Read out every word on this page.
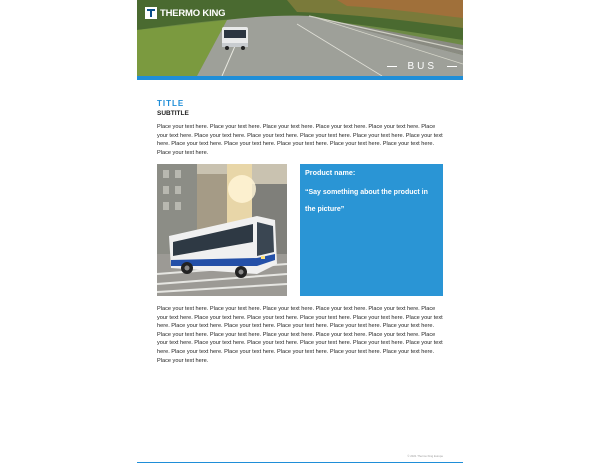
THERMO KING
BUS
TITLE
SUBTITLE
Place your text here. Place your text here. Place your text here. Place your text here. Place your text here. Place your text here. Place your text here. Place your text here. Place your text here. Place your text here. Place your text here. Place your text here. Place your text here. Place your text here. Place your text here. Place your text here. Place your text here.
Product name:
“Say something about the product in the picture”
Place your text here. Place your text here. Place your text here. Place your text here. Place your text here. Place your text here. Place your text here. Place your text here. Place your text here. Place your text here. Place your text here. Place your text here. Place your text here. Place your text here. Place your text here. Place your text here. Place your text here. Place your text here. Place your text here. Place your text here. Place your text here. Place your text here. Place your text here. Place your text here. Place your text here. Place your text here. Place your text here. Place your text here. Place your text here. Place your text here. Place your text here. Place your text here. Place your text here.
© 2021 Thermo King Europe
